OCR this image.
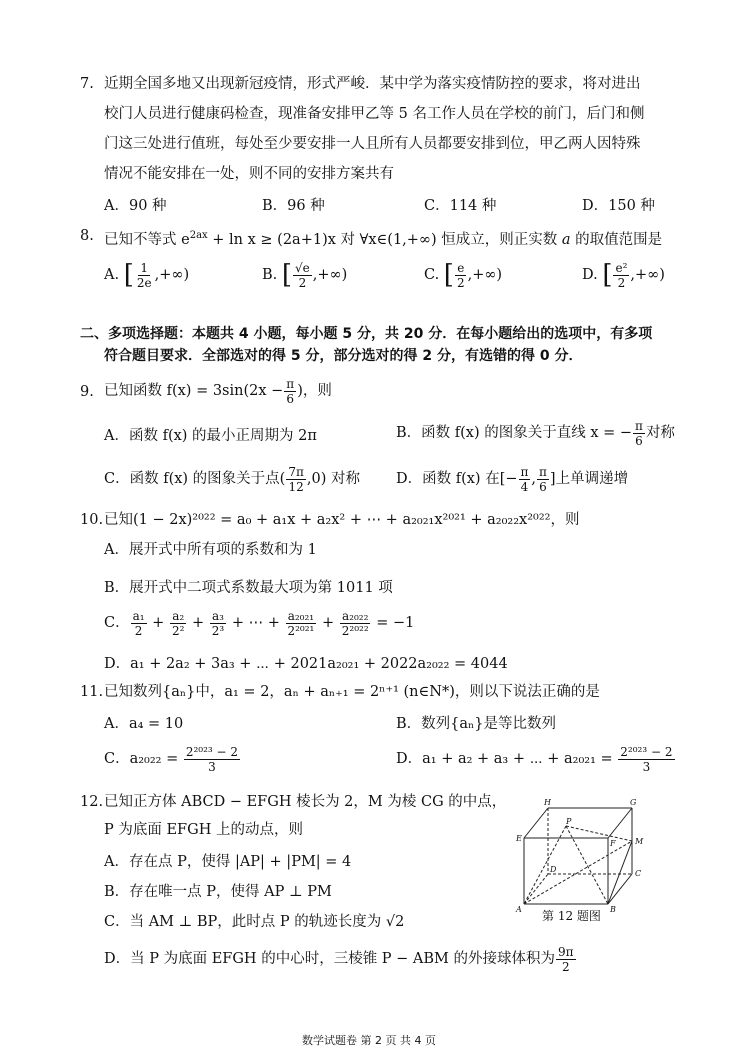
7. 近期全国多地又出现新冠疫情，形式严峻．某中学为落实疫情防控的要求，将对进出
校门人员进行健康码检查，现准备安排甲乙等 5 名工作人员在学校的前门，后门和侧
门这三处进行值班，每处至少要安排一人且所有人员都要安排到位，甲乙两人因特殊
情况不能安排在一处，则不同的安排方案共有
A．90 种	B．96 种	C．114 种	D．150 种
8. 已知不等式 $e^{2ax} + \ln x \ge (2a+1)x$ 对 ∀x∈(1,+∞) 恒成立，则正实数 a 的取值范围是
A. [ $\frac{1}{2e}$ ,+∞)	B. [ $\frac{√e}{2}$ ,+∞)	C. [ $\frac{e}{2}$ ,+∞)	D. [ $\frac{\text{e²}}{2}$ ,+∞)
二、多项选择题：本题共 4 小题，每小题 5 分，共 20 分．在每小题给出的选项中，有多项
符合题目要求．全部选对的得 5 分，部分选对的得 2 分，有选错的得 0 分．
9. 已知函数 $f(x) = 3\sin(2x - \frac{\pi}{6}$ )，则
A．函数 f(x) 的最小正周期为 2π	B．函数 f(x) 的图象关于直线 x = − $\frac{\pi}{6}$ 对称
C．函数 f(x) 的图象关于点( $\frac{7\pi}{12} ,0$) 对称 D．函数 f(x) 在[− $\frac{\pi}{4}$ , $\frac{\pi}{6}$ ]上单调递增
10. 已知(1 − 2x)²⁰²² = a₀ + a₁x + a₂x² + ⋯ + a₂₀₂₁x²⁰²¹ + a₂₀₂₂x²⁰²²，则
A．展开式中所有项的系数和为 1
B．展开式中二项式系数最大项为第 1011 项
C． $\frac{\text{a₁}}{2} + \frac{\text{a₂}}{\text{2²}} + \frac{\text{a₃}}{\text{2³}}$ + ⋯ + $\frac{\text{a₂₀₂₁}}{\text{2²⁰²¹}} + \frac{\text{a₂₀₂₂}}{\text{2²⁰²²}} = -1$
D．a₁ + 2a₂ + 3a₃ + ⋯ + 2021a₂₀₂₁ + 2022a₂₀₂₂ = 4044
11. 已知数列{aₙ}中，a₁ = 2，aₙ + aₙ₊₁ = 2ⁿ⁺¹ (n∈N*)，则以下说法正确的是
A．a₄ = 10	B．数列{aₙ}是等比数列
C．$a_{2022} = \frac{\text{2²⁰²³ − 2}}{3}$	D．a₁ + a₂ + a₃ + ⋯ + $a_{2021} = \frac{\text{2²⁰²³ − 2}}{3}$
12. 已知正方体 ABCD − EFGH 棱长为 2，M 为棱 CG 的中点，
P 为底面 EFGH 上的动点，则
A．存在点 P，使得 |AP| + |PM| = 4
B．存在唯一点 P，使得 AP ⊥ PM
C．当 AM ⊥ BP，此时点 P 的轨迹长度为 √2
D．当 P 为底面 EFGH 的中心时，三棱锥 P − ABM 的外接球体积为 $\frac{9\pi}{2}$
H	G
P
E
F M
D	C
A	B
第 12 题图
数学试题卷 第 2 页 共 4 页
